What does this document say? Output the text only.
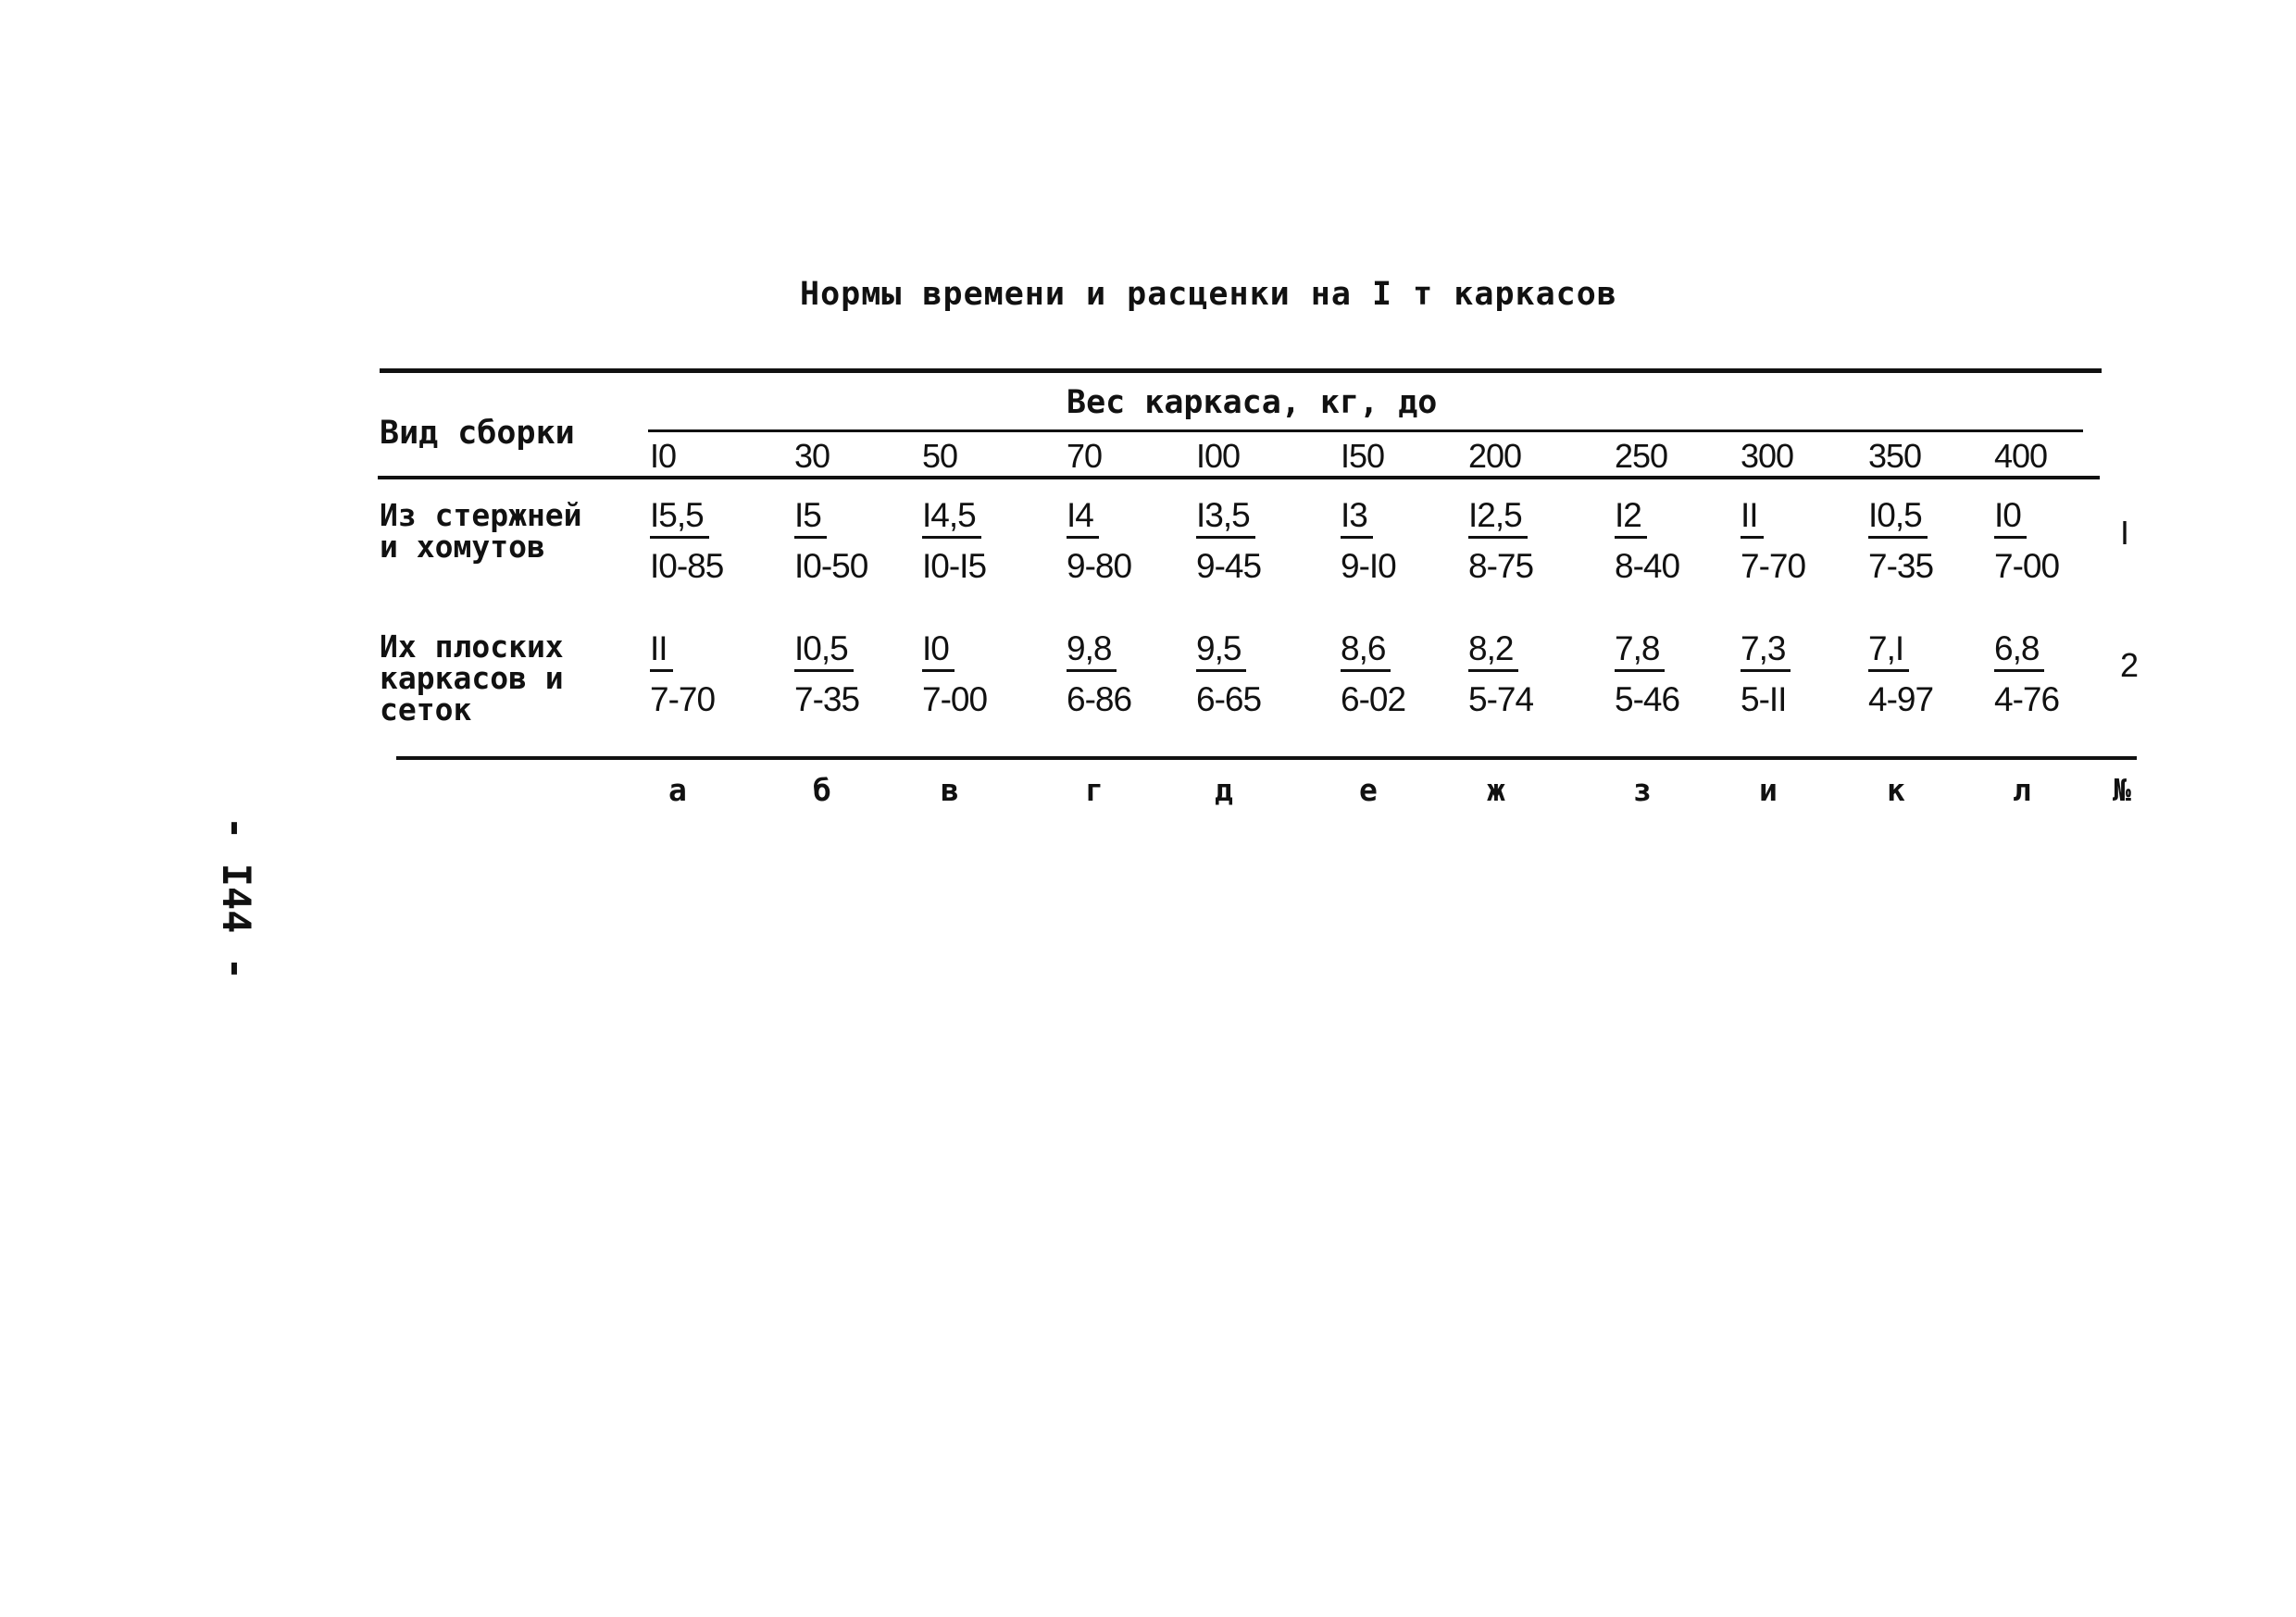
Нормы времени и расценки на I т каркасов
Вид сборки
Вес каркаса, кг, до
I0	30	50	70	I00	I50	200	250 300 350 400
Из стержней
и хомутов	$\frac{I5,5}{I0-85} \frac{I5}{I0-50} \frac{I4,5}{I0-I5} \frac{I4}{9-80} \frac{I3,5}{9-45} \frac{I3}{9-I0} \frac{I2,5}{8-75} \frac{I2}{8-40} \frac{II}{7-70} \frac{I0,5}{7-35} \frac{I0}{7-00}$ I
Их плоских
каркасов и
сеток	$\frac{II}{7-70} \frac{I0,5}{7-35} \frac{I0}{7-00} \frac{9,8}{6-86} \frac{9,5}{6-65} \frac{8,6}{6-02} \frac{8,2}{5-74} \frac{7,8}{5-46} \frac{7,3}{5-II} \frac{7,I}{4-97} \frac{6,8}{4-76} 2$
а	б	в	г	д	е	ж	з	и	к	л	№
- I44 -
